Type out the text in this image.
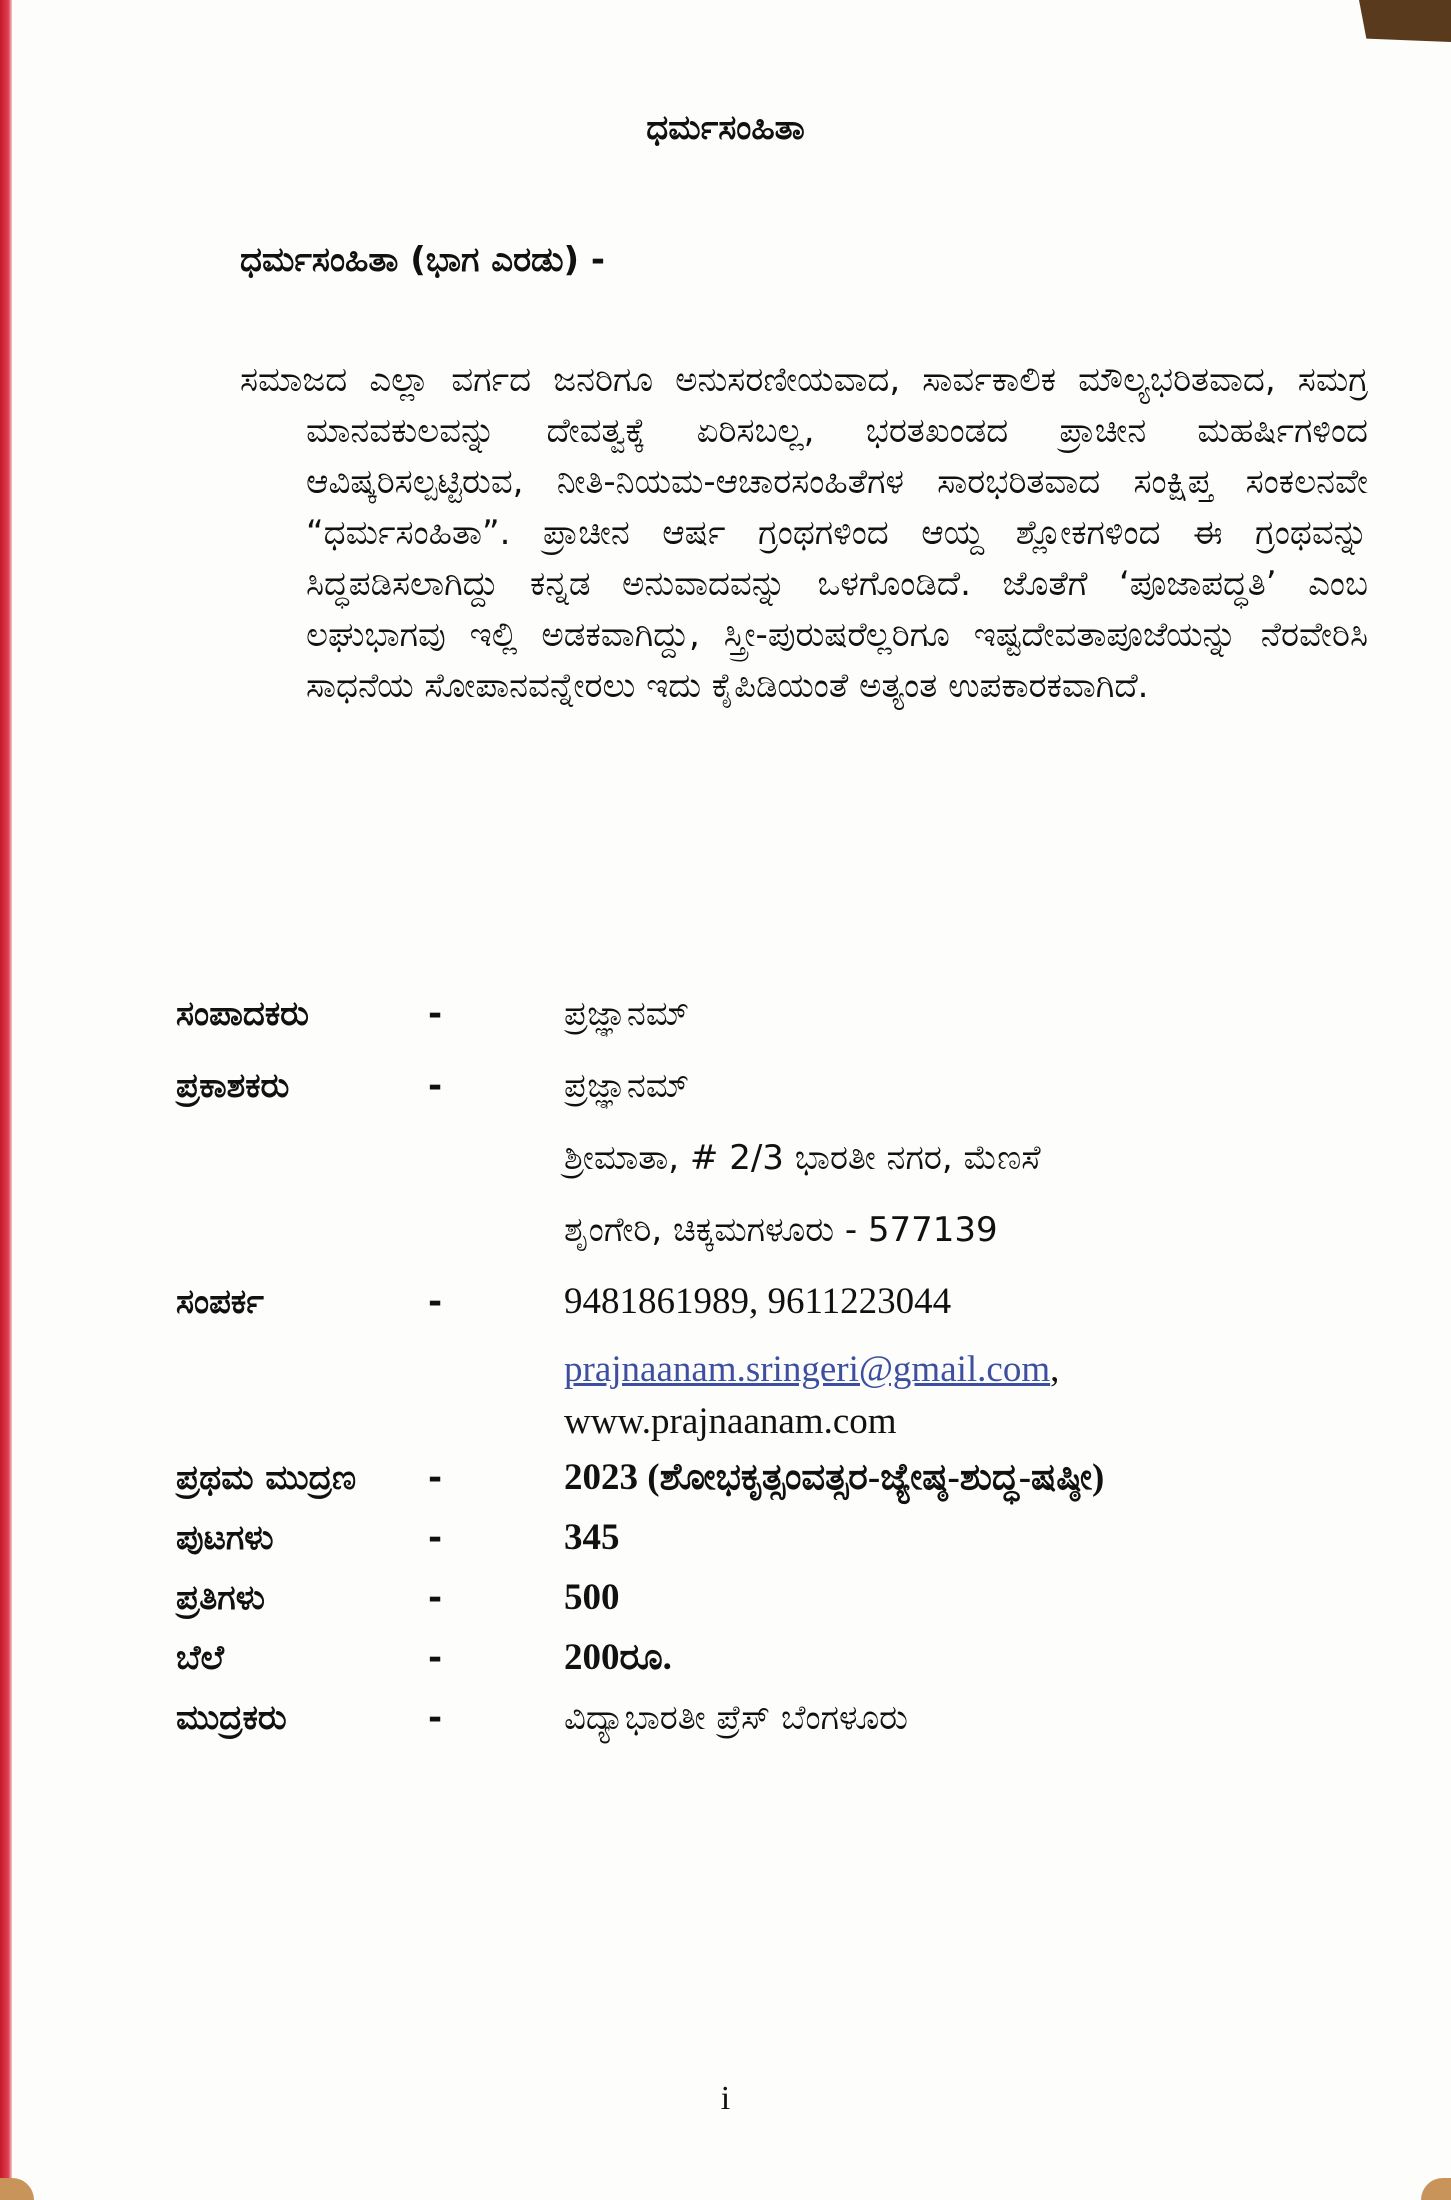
ಧರ್ಮಸಂಹಿತಾ
ಧರ್ಮಸಂಹಿತಾ (ಭಾಗ ಎರಡು) -
ಸಮಾಜದ ಎಲ್ಲಾ ವರ್ಗದ ಜನರಿಗೂ ಅನುಸರಣೀಯವಾದ, ಸಾರ್ವಕಾಲಿಕ ಮೌಲ್ಯಭರಿತವಾದ, ಸಮಗ್ರ ಮಾನವಕುಲವನ್ನು ದೇವತ್ವಕ್ಕೆ ಏರಿಸಬಲ್ಲ, ಭರತಖಂಡದ ಪ್ರಾಚೀನ ಮಹರ್ಷಿಗಳಿಂದ ಆವಿಷ್ಕರಿಸಲ್ಪಟ್ಟಿರುವ, ನೀತಿ-ನಿಯಮ-ಆಚಾರಸಂಹಿತೆಗಳ ಸಾರಭರಿತವಾದ ಸಂಕ್ಷಿಪ್ತ ಸಂಕಲನವೇ “ಧರ್ಮಸಂಹಿತಾ”. ಪ್ರಾಚೀನ ಆರ್ಷ ಗ್ರಂಥಗಳಿಂದ ಆಯ್ದ ಶ್ಲೋಕಗಳಿಂದ ಈ ಗ್ರಂಥವನ್ನು ಸಿದ್ಧಪಡಿಸಲಾಗಿದ್ದು ಕನ್ನಡ ಅನುವಾದವನ್ನು ಒಳಗೊಂಡಿದೆ. ಜೊತೆಗೆ ‘ಪೂಜಾಪದ್ಧತಿ’ ಎಂಬ ಲಘುಭಾಗವು ಇಲ್ಲಿ ಅಡಕವಾಗಿದ್ದು, ಸ್ತ್ರೀ-ಪುರುಷರೆಲ್ಲರಿಗೂ ಇಷ್ಟದೇವತಾಪೂಜೆಯನ್ನು ನೆರವೇರಿಸಿ ಸಾಧನೆಯ ಸೋಪಾನವನ್ನೇರಲು ಇದು ಕೈಪಿಡಿಯಂತೆ ಅತ್ಯಂತ ಉಪಕಾರಕವಾಗಿದೆ.
ಸಂಪಾದಕರು	-	ಪ್ರಜ್ಞಾನಮ್
ಪ್ರಕಾಶಕರು	-	ಪ್ರಜ್ಞಾನಮ್
ಶ್ರೀಮಾತಾ, # 2/3 ಭಾರತೀ ನಗರ, ಮೆಣಸೆ
ಶೃಂಗೇರಿ, ಚಿಕ್ಕಮಗಳೂರು - 577139
ಸಂಪರ್ಕ	-	9481861989, 9611223044
prajnaanam.sringeri@gmail.com,
www.prajnaanam.com
ಪ್ರಥಮ ಮುದ್ರಣ	-	2023 (ಶೋಭಕೃತ್ಸಂವತ್ಸರ-ಜ್ಯೇಷ್ಠ-ಶುದ್ಧ-ಷಷ್ಠೀ)
ಪುಟಗಳು	-	345
ಪ್ರತಿಗಳು	-	500
ಬೆಲೆ	-	200ರೂ.
ಮುದ್ರಕರು	-	ವಿದ್ಯಾಭಾರತೀ ಪ್ರೆಸ್ ಬೆಂಗಳೂರು
i
